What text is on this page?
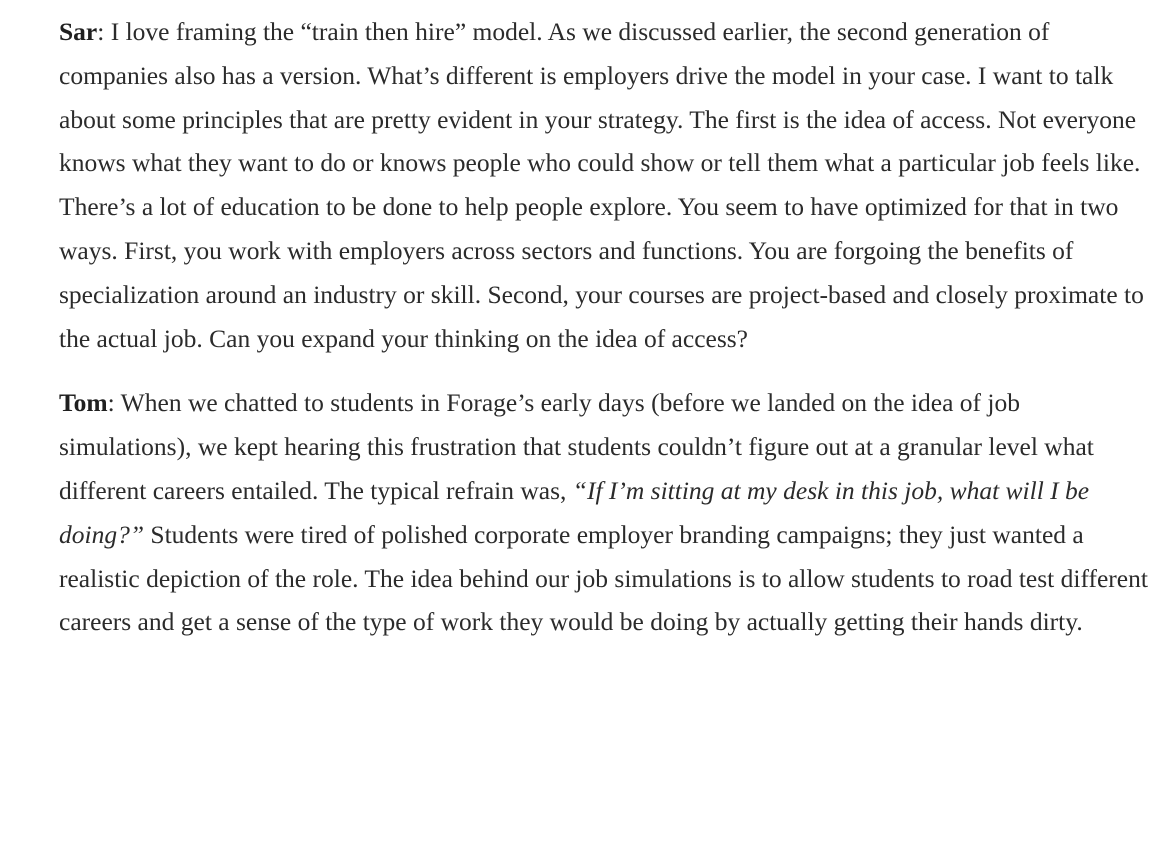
Sar: I love framing the “train then hire” model. As we discussed earlier, the second generation of companies also has a version. What’s different is employers drive the model in your case. I want to talk about some principles that are pretty evident in your strategy. The first is the idea of access. Not everyone knows what they want to do or knows people who could show or tell them what a particular job feels like. There’s a lot of education to be done to help people explore. You seem to have optimized for that in two ways. First, you work with employers across sectors and functions. You are forgoing the benefits of specialization around an industry or skill. Second, your courses are project-based and closely proximate to the actual job. Can you expand your thinking on the idea of access?

Tom: When we chatted to students in Forage’s early days (before we landed on the idea of job simulations), we kept hearing this frustration that students couldn’t figure out at a granular level what different careers entailed. The typical refrain was, “If I’m sitting at my desk in this job, what will I be doing?” Students were tired of polished corporate employer branding campaigns; they just wanted a realistic depiction of the role. The idea behind our job simulations is to allow students to road test different careers and get a sense of the type of work they would be doing by actually getting their hands dirty.
